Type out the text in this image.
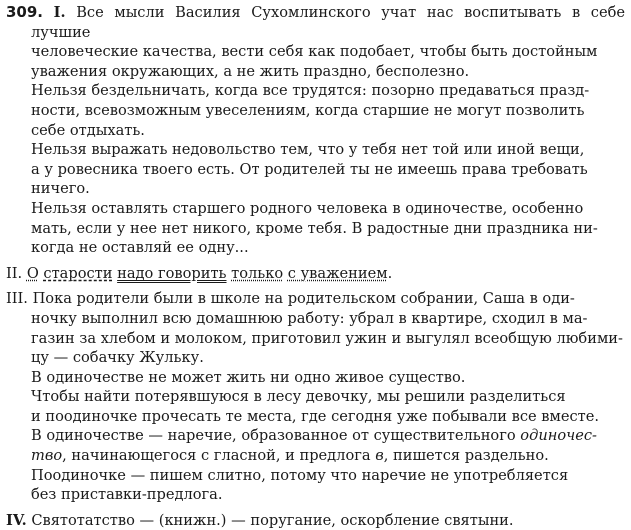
309. I. Все мысли Василия Сухомлинского учат нас воспитывать в себе лучшие

человеческие качества, вести себя как подобает, чтобы быть достойным

уважения окружающих, а не жить праздно, бесполезно.

Нельзя бездельничать, когда все трудятся: позорно предаваться празд-

ности, всевозможным увеселениям, когда старшие не могут позволить

себе отдыхать.

Нельзя выражать недовольство тем, что у тебя нет той или иной вещи,

а у ровесника твоего есть. От родителей ты не имеешь права требовать

ничего.

Нельзя оставлять старшего родного человека в одиночестве, особенно

мать, если у нее нет никого, кроме тебя. В радостные дни праздника ни-

когда не оставляй ее одну...

II. О старости надо говорить только с уважением.

III. Пока родители были в школе на родительском собрании, Саша в оди-

ночку выполнил всю домашнюю работу: убрал в квартире, сходил в ма-

газин за хлебом и молоком, приготовил ужин и выгулял всеобщую любими-

цу — собачку Жульку.

В одиночестве не может жить ни одно живое существо.

Чтобы найти потерявшуюся в лесу девочку, мы решили разделиться

и поодиночке прочесать те места, где сегодня уже побывали все вместе.

В одиночестве — наречие, образованное от существительного одиночес-

тво, начинающегося с гласной, и предлога в, пишется раздельно.

Поодиночке — пишем слитно, потому что наречие не употребляется

без приставки-предлога.

IV. Святотатство — (книжн.) — поругание, оскорбление святыни.
